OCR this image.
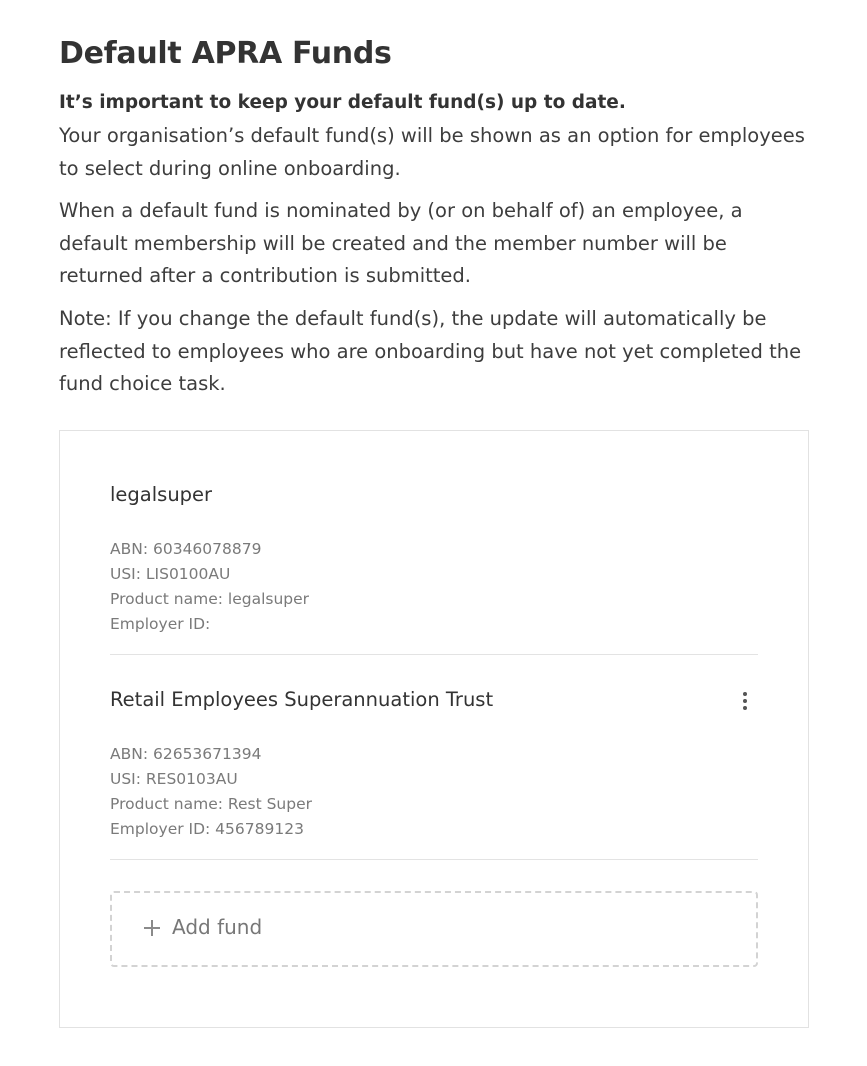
Default APRA Funds

It’s important to keep your default fund(s) up to date.

Your organisation’s default fund(s) will be shown as an option for employees to select during online onboarding.

When a default fund is nominated by (or on behalf of) an employee, a default membership will be created and the member number will be returned after a contribution is submitted.

Note: If you change the default fund(s), the update will automatically be reflected to employees who are onboarding but have not yet completed the fund choice task.

legalsuper

ABN: 60346078879
USI: LIS0100AU
Product name: legalsuper
Employer ID:

Retail Employees Superannuation Trust

ABN: 62653671394
USI: RES0103AU
Product name: Rest Super
Employer ID: 456789123
Add fund
